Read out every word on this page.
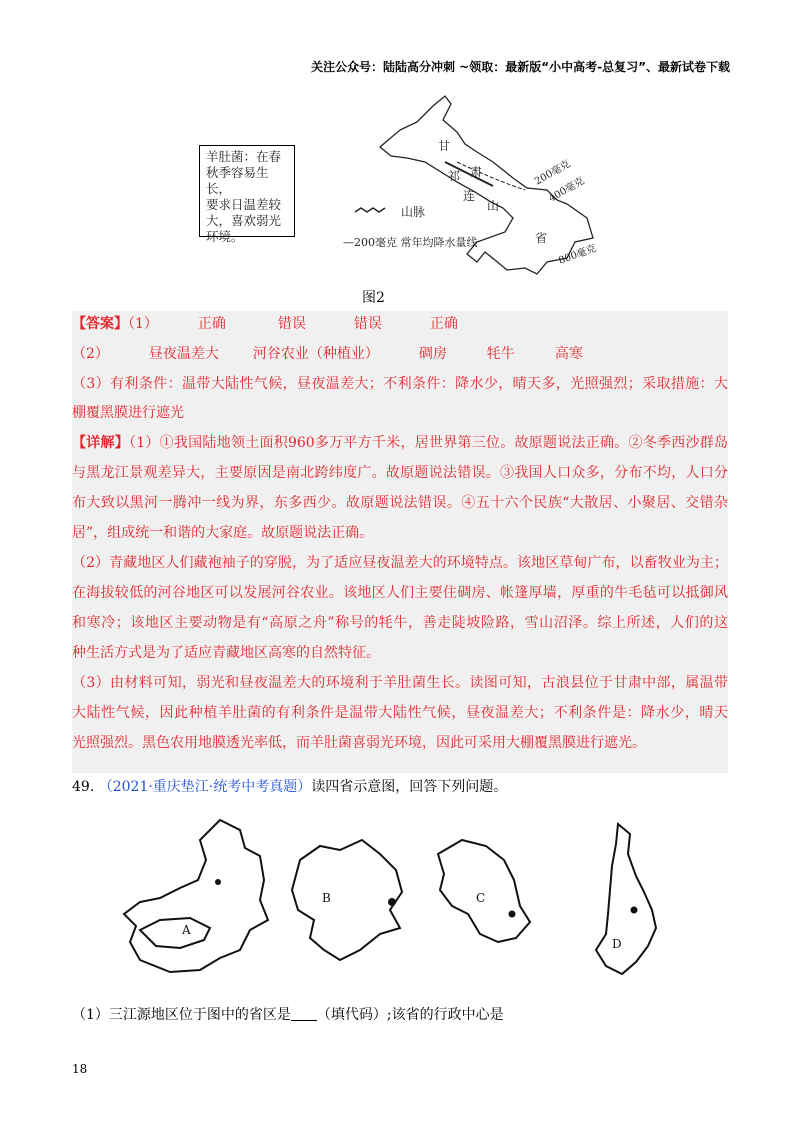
关注公众号：陆陆高分冲刺 ~领取：最新版“小中高考-总复习”、最新试卷下载
甘
肃
祁
连
山
省
200毫克
400毫克
800毫克
山脉
—200毫克 常年均降水量线
羊肚菌：在春
秋季容易生长，
要求日温差较
大，喜欢弱光
环境。
图2
【答案】（1）	正确	错误	错误	正确
（2）	昼夜温差大 河谷农业（种植业）	碉房	牦牛	高寒
（3）有利条件：温带大陆性气候，昼夜温差大；不利条件：降水少，晴天多，光照强烈；采取措施：大
棚覆黑膜进行遮光
【详解】（1）①我国陆地领土面积960多万平方千米，居世界第三位。故原题说法正确。②冬季西沙群岛
与黑龙江景观差异大，主要原因是南北跨纬度广。故原题说法错误。③我国人口众多，分布不均，人口分
布大致以黑河一腾冲一线为界，东多西少。故原题说法错误。④五十六个民族“大散居、小聚居、交错杂
居”，组成统一和谐的大家庭。故原题说法正确。
（2）青藏地区人们藏袍袖子的穿脱，为了适应昼夜温差大的环境特点。该地区草甸广布，以畜牧业为主；
在海拔较低的河谷地区可以发展河谷农业。该地区人们主要住碉房、帐篷厚墙，厚重的牛毛毡可以抵御风
和寒冷；该地区主要动物是有“高原之舟”称号的牦牛，善走陡坡险路，雪山沼泽。综上所述，人们的这
种生活方式是为了适应青藏地区高寒的自然特征。
（3）由材料可知，弱光和昼夜温差大的环境利于羊肚菌生长。读图可知，古浪县位于甘肃中部，属温带
大陆性气候，因此种植羊肚菌的有利条件是温带大陆性气候，昼夜温差大；不利条件是：降水少，晴天
光照强烈。黑色农用地膜透光率低，而羊肚菌喜弱光环境，因此可采用大棚覆黑膜进行遮光。
49. （2021·重庆垫江·统考中考真题）读四省示意图，回答下列问题。
A
B	C
D
（1）三江源地区位于图中的省区是 （填代码）;该省的行政中心是
18
